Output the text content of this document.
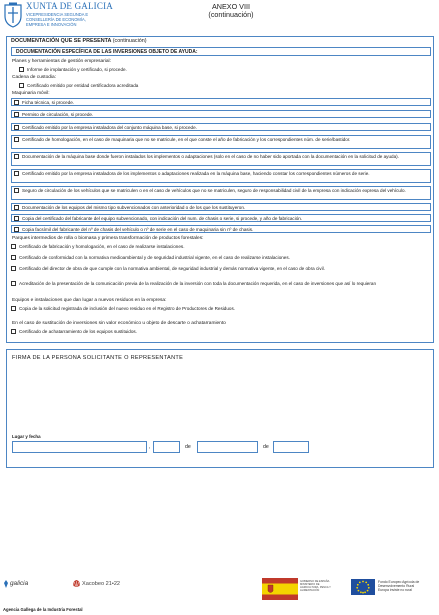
XUNTA DE GALICIA
VICEPRESIDENCIA SEGUNDA E
CONSELLERÍA DE ECONOMÍA,
EMPRESA E INNOVACIÓN
ANEXO VIII
(continuación)
DOCUMENTACIÓN QUE SE PRESENTA (continuación)
DOCUMENTACIÓN ESPECÍFICA DE LAS INVERSIONES OBJETO DE AYUDA:
Planes y herramientas de gestión empresarial:
Informe de implantación y certificado, si procede.
Cadena de custodia:
Certificado emitido por entidad certificadora acreditada
Maquinaria móvil:
Ficha técnica, si procede.
Permiso de circulación, si procede.
Certificado emitido por la empresa instaladora del conjunto máquina base, si procede.
Certificado de homologación, en el caso de maquinaria que no se matricule, en el que conste el año de fabricación y los correspondientes núm. de serie/bastidor.
Documentación de la máquina base donde fueron instalados los implementos o adaptaciones (solo en el caso de no haber sido aportada con la documentación en la solicitud de ayuda).
Certificado emitido por la empresa instaladora de los implementos o adaptaciones realizada en la máquina base, haciendo constar los correspondientes números de serie.
Seguro de circulación de los vehículos que se matriculen o en el caso de vehículos que no se matriculen, seguro de responsabilidad civil de la empresa con indicación expresa del vehículo.
Documentación de los equipos del mismo tipo subvencionados con anterioridad o de los que los sustituyeron.
Copia del certificado del fabricante del equipo subvencionado, con indicación del num. de chasis o serie, si procede, y año de fabricación.
Copia facsímil del fabricante del nº de chasis del vehículo o nº de serie en el caso de maquinaria sin nº de chasis.
Parques intermedios de rolla o biomasa y primera transformación de productos forestales:
Certificado de fabricación y homologación, en el caso de realizarse instalaciones.
Certificado de conformidad con la normativa medioambiental y de seguridad industrial vigente, en el caso de realizarse instalaciones.
Certificado del director de obra de que cumple con la normativa ambiental, de seguridad industrial y demás normativa vigente, en el caso de obra civil.
Acreditación de la presentación de la comunicación previa de la realización de la inversión con toda la documentación requerida, en el caso de inversiones que así lo requieran
Equipos e instalaciones que dan lugar a nuevos residuos en la empresa:
Copia de la solicitud registrada de inclusión del nuevo residuo en el Registro de Productores de Residuos.
En el caso de sustitución de inversiones sin valor económico u objeto de descarte o achatarramiento
Certificado de achatarramiento de los equipos sustituidos.
FIRMA DE LA PERSONA SOLICITANTE O REPRESENTANTE
Lugar y fecha
,	de	de
galicia	Xacobeo 21•22	GOBIERNO DE ESPAÑA
MINISTERIO DE AGRICULTURA, PESCA Y ALIMENTACIÓN
Fondo Europeo Agrícola de
Desenvolvemento Rural
Europa inviste no rural
Agencia Gallega de la Industria Forestal
